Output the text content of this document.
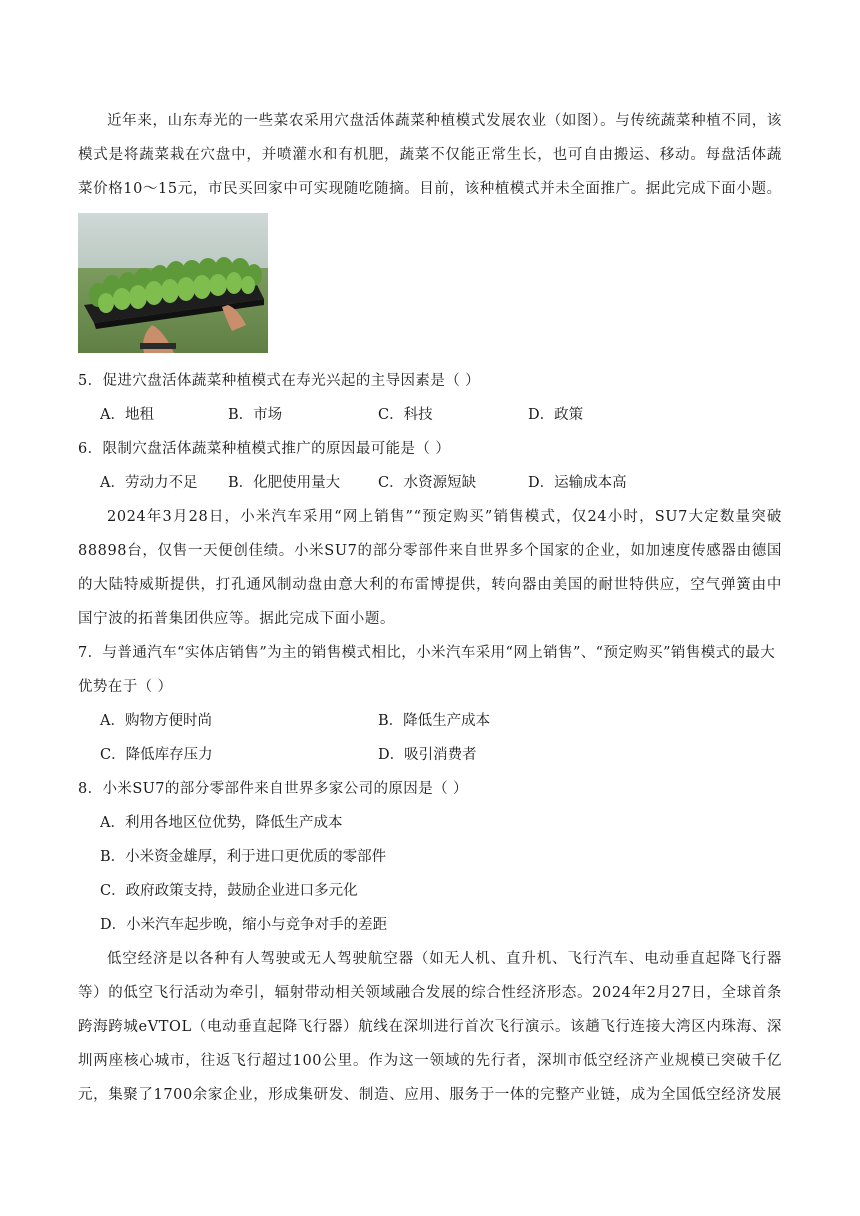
近年来，山东寿光的一些菜农采用穴盘活体蔬菜种植模式发展农业（如图）。与传统蔬菜种植不同，该模式是将蔬菜栽在穴盘中，并喷灌水和有机肥，蔬菜不仅能正常生长，也可自由搬运、移动。每盘活体蔬菜价格10～15元，市民买回家中可实现随吃随摘。目前，该种植模式并未全面推广。据此完成下面小题。

5．促进穴盘活体蔬菜种植模式在寿光兴起的主导因素是（ ）

A．地租	B．市场	C．科技	D．政策

6．限制穴盘活体蔬菜种植模式推广的原因最可能是（ ）

A．劳动力不足 B．化肥使用量大	C．水资源短缺	D．运输成本高

2024年3月28日，小米汽车采用“网上销售”“预定购买”销售模式，仅24小时，SU7大定数量突破88898台，仅售一天便创佳绩。小米SU7的部分零部件来自世界多个国家的企业，如加速度传感器由德国的大陆特威斯提供，打孔通风制动盘由意大利的布雷博提供，转向器由美国的耐世特供应，空气弹簧由中国宁波的拓普集团供应等。据此完成下面小题。

7．与普通汽车“实体店销售”为主的销售模式相比，小米汽车采用“网上销售”、“预定购买”销售模式的最大优势在于（ ）

A．购物方便时尚	B．降低生产成本
C．降低库存压力	D．吸引消费者

8．小米SU7的部分零部件来自世界多家公司的原因是（ ）

A．利用各地区位优势，降低生产成本
B．小米资金雄厚，利于进口更优质的零部件
C．政府政策支持，鼓励企业进口多元化
D．小米汽车起步晚，缩小与竞争对手的差距

低空经济是以各种有人驾驶或无人驾驶航空器（如无人机、直升机、飞行汽车、电动垂直起降飞行器等）的低空飞行活动为牵引，辐射带动相关领域融合发展的综合性经济形态。2024年2月27日，全球首条跨海跨城eVTOL（电动垂直起降飞行器）航线在深圳进行首次飞行演示。该趟飞行连接大湾区内珠海、深圳两座核心城市，往返飞行超过100公里。作为这一领域的先行者，深圳市低空经济产业规模已突破千亿元，集聚了1700余家企业，形成集研发、制造、应用、服务于一体的完整产业链，成为全国低空经济发展
